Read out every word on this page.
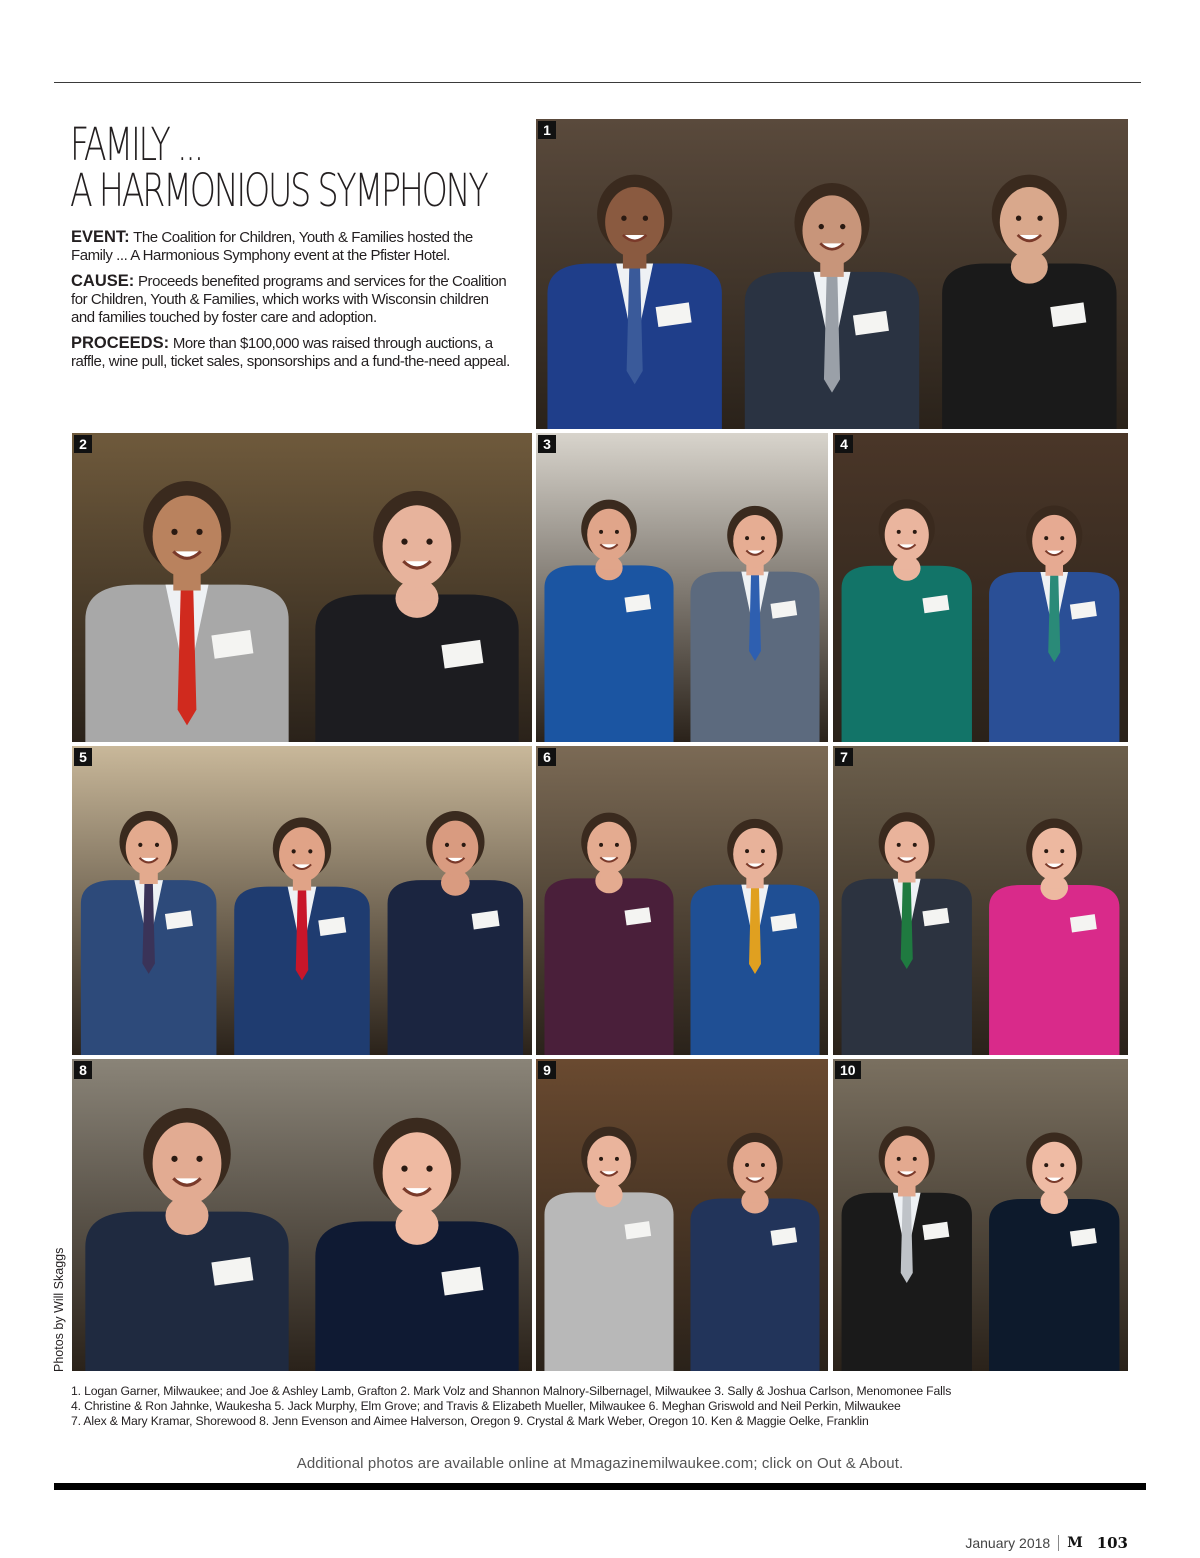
FAMILY ...
A HARMONIOUS SYMPHONY

EVENT: The Coalition for Children, Youth & Families hosted the Family ... A Harmonious Symphony event at the Pfister Hotel.

CAUSE: Proceeds benefited programs and services for the Coalition for Children, Youth & Families, which works with Wisconsin children and families touched by foster care and adoption.

PROCEEDS: More than $100,000 was raised through auctions, a raffle, wine pull, ticket sales, sponsorships and a fund-the-need appeal.

1
2	3	4
5	6	7
8	9	10
Photos by Will Skaggs
1. Logan Garner, Milwaukee; and Joe & Ashley Lamb, Grafton 2. Mark Volz and Shannon Malnory-Silbernagel, Milwaukee 3. Sally & Joshua Carlson, Menomonee Falls
4. Christine & Ron Jahnke, Waukesha 5. Jack Murphy, Elm Grove; and Travis & Elizabeth Mueller, Milwaukee 6. Meghan Griswold and Neil Perkin, Milwaukee
7. Alex & Mary Kramar, Shorewood 8. Jenn Evenson and Aimee Halverson, Oregon 9. Crystal & Mark Weber, Oregon 10. Ken & Maggie Oelke, Franklin
Additional photos are available online at Mmagazinemilwaukee.com; click on Out & About.
January 2018 M 103
